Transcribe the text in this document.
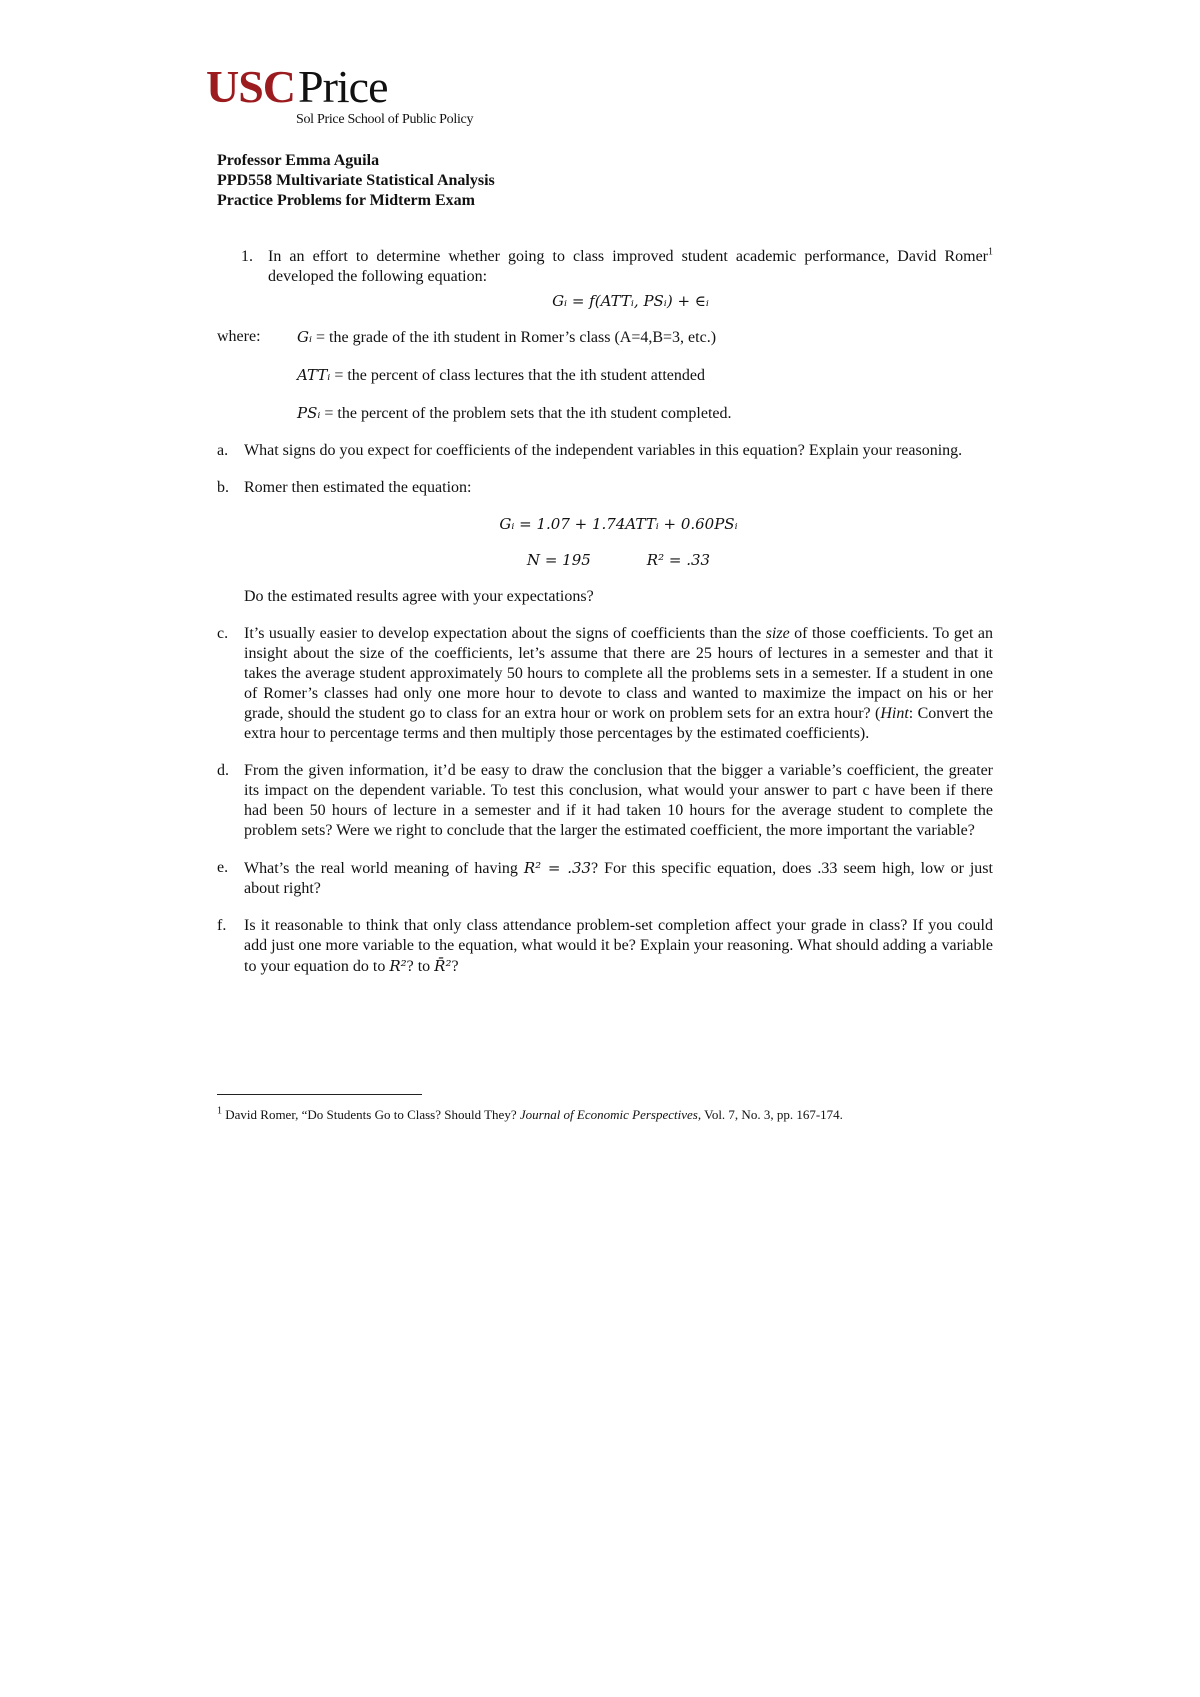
USC Price
Sol Price School of Public Policy
Professor Emma Aguila
PPD558 Multivariate Statistical Analysis
Practice Problems for Midterm Exam
1. In an effort to determine whether going to class improved student academic performance, David Romer$^1$ developed the following equation:
Gᵢ = f(ATTᵢ, PSᵢ) + ∈ᵢ
where: Gᵢ = the grade of the ith student in Romer’s class (A=4,B=3, etc.)
ATTᵢ = the percent of class lectures that the ith student attended
PSᵢ = the percent of the problem sets that the ith student completed.
a. What signs do you expect for coefficients of the independent variables in this equation? Explain your reasoning.
b. Romer then estimated the equation:
Gᵢ = 1.07 + 1.74ATTᵢ + 0.60PSᵢ
N = 195	R² = .33
Do the estimated results agree with your expectations?
c. It’s usually easier to develop expectation about the signs of coefficients than the size of those coefficients. To get an insight about the size of the coefficients, let’s assume that there are 25 hours of lectures in a semester and that it takes the average student approximately 50 hours to complete all the problems sets in a semester. If a student in one of Romer’s classes had only one more hour to devote to class and wanted to maximize the impact on his or her grade, should the student go to class for an extra hour or work on problem sets for an extra hour? (Hint: Convert the extra hour to percentage terms and then multiply those percentages by the estimated coefficients).
d. From the given information, it’d be easy to draw the conclusion that the bigger a variable’s coefficient, the greater its impact on the dependent variable. To test this conclusion, what would your answer to part c have been if there had been 50 hours of lecture in a semester and if it had taken 10 hours for the average student to complete the problem sets? Were we right to conclude that the larger the estimated coefficient, the more important the variable?
e. What’s the real world meaning of having R² = .33? For this specific equation, does .33 seem high, low or just about right?
f. Is it reasonable to think that only class attendance problem-set completion affect your grade in class? If you could add just one more variable to the equation, what would it be? Explain your reasoning. What should adding a variable to your equation do to R²? to R̄²?
$^1$ David Romer, “Do Students Go to Class? Should They? Journal of Economic Perspectives, Vol. 7, No. 3, pp. 167-174.
